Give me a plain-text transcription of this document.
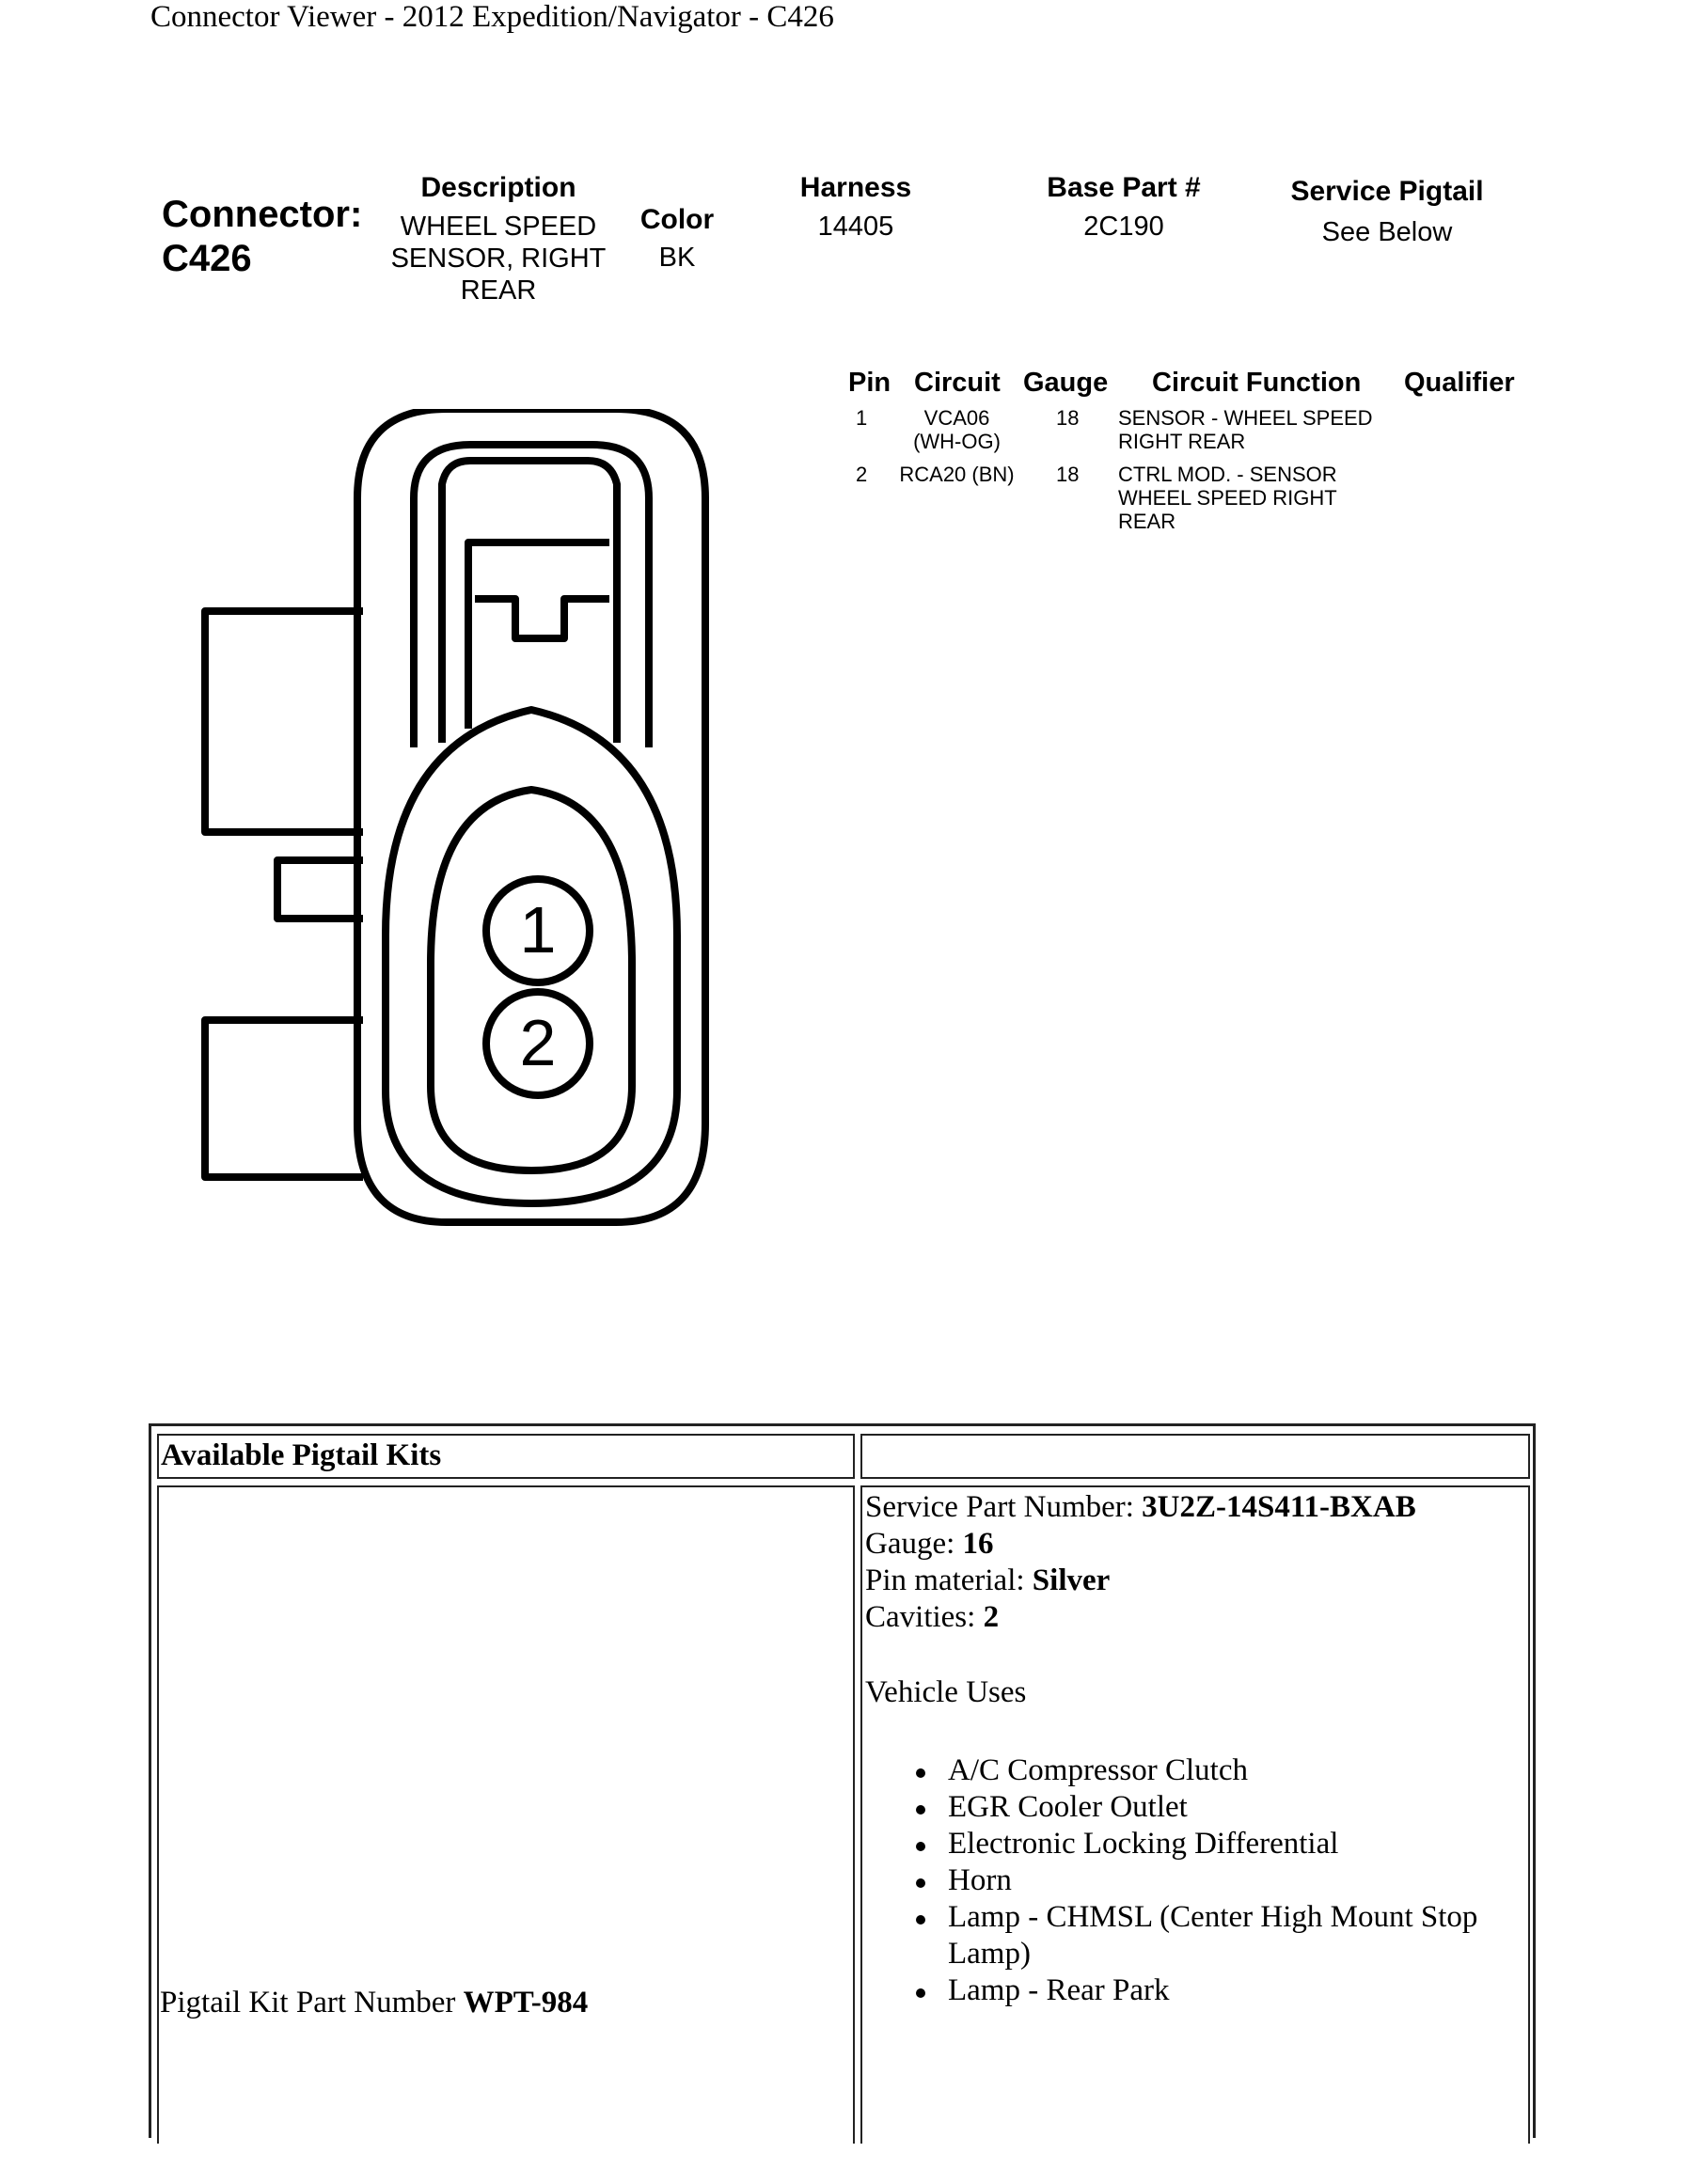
Connector Viewer - 2012 Expedition/Navigator - C426
Connector:
C426
Description
WHEEL SPEED
SENSOR, RIGHT
REAR
Color
BK
Harness
14405
Base Part #
2C190
Service Pigtail
See Below
Pin Circuit Gauge Circuit Function Qualifier
1	VCA06
(WH-OG)
18 SENSOR - WHEEL SPEED
RIGHT REAR
2	RCA20 (BN) 18 CTRL MOD. - SENSOR
WHEEL SPEED RIGHT
REAR
1
2
Available Pigtail Kits
Pigtail Kit Part Number WPT-984
Service Part Number: 3U2Z-14S411-BXAB
Gauge: 16
Pin material: Silver
Cavities: 2
Vehicle Uses
A/C Compressor Clutch
EGR Cooler Outlet
Electronic Locking Differential
Horn
Lamp - CHMSL (Center High Mount Stop Lamp)
Lamp - Rear Park
